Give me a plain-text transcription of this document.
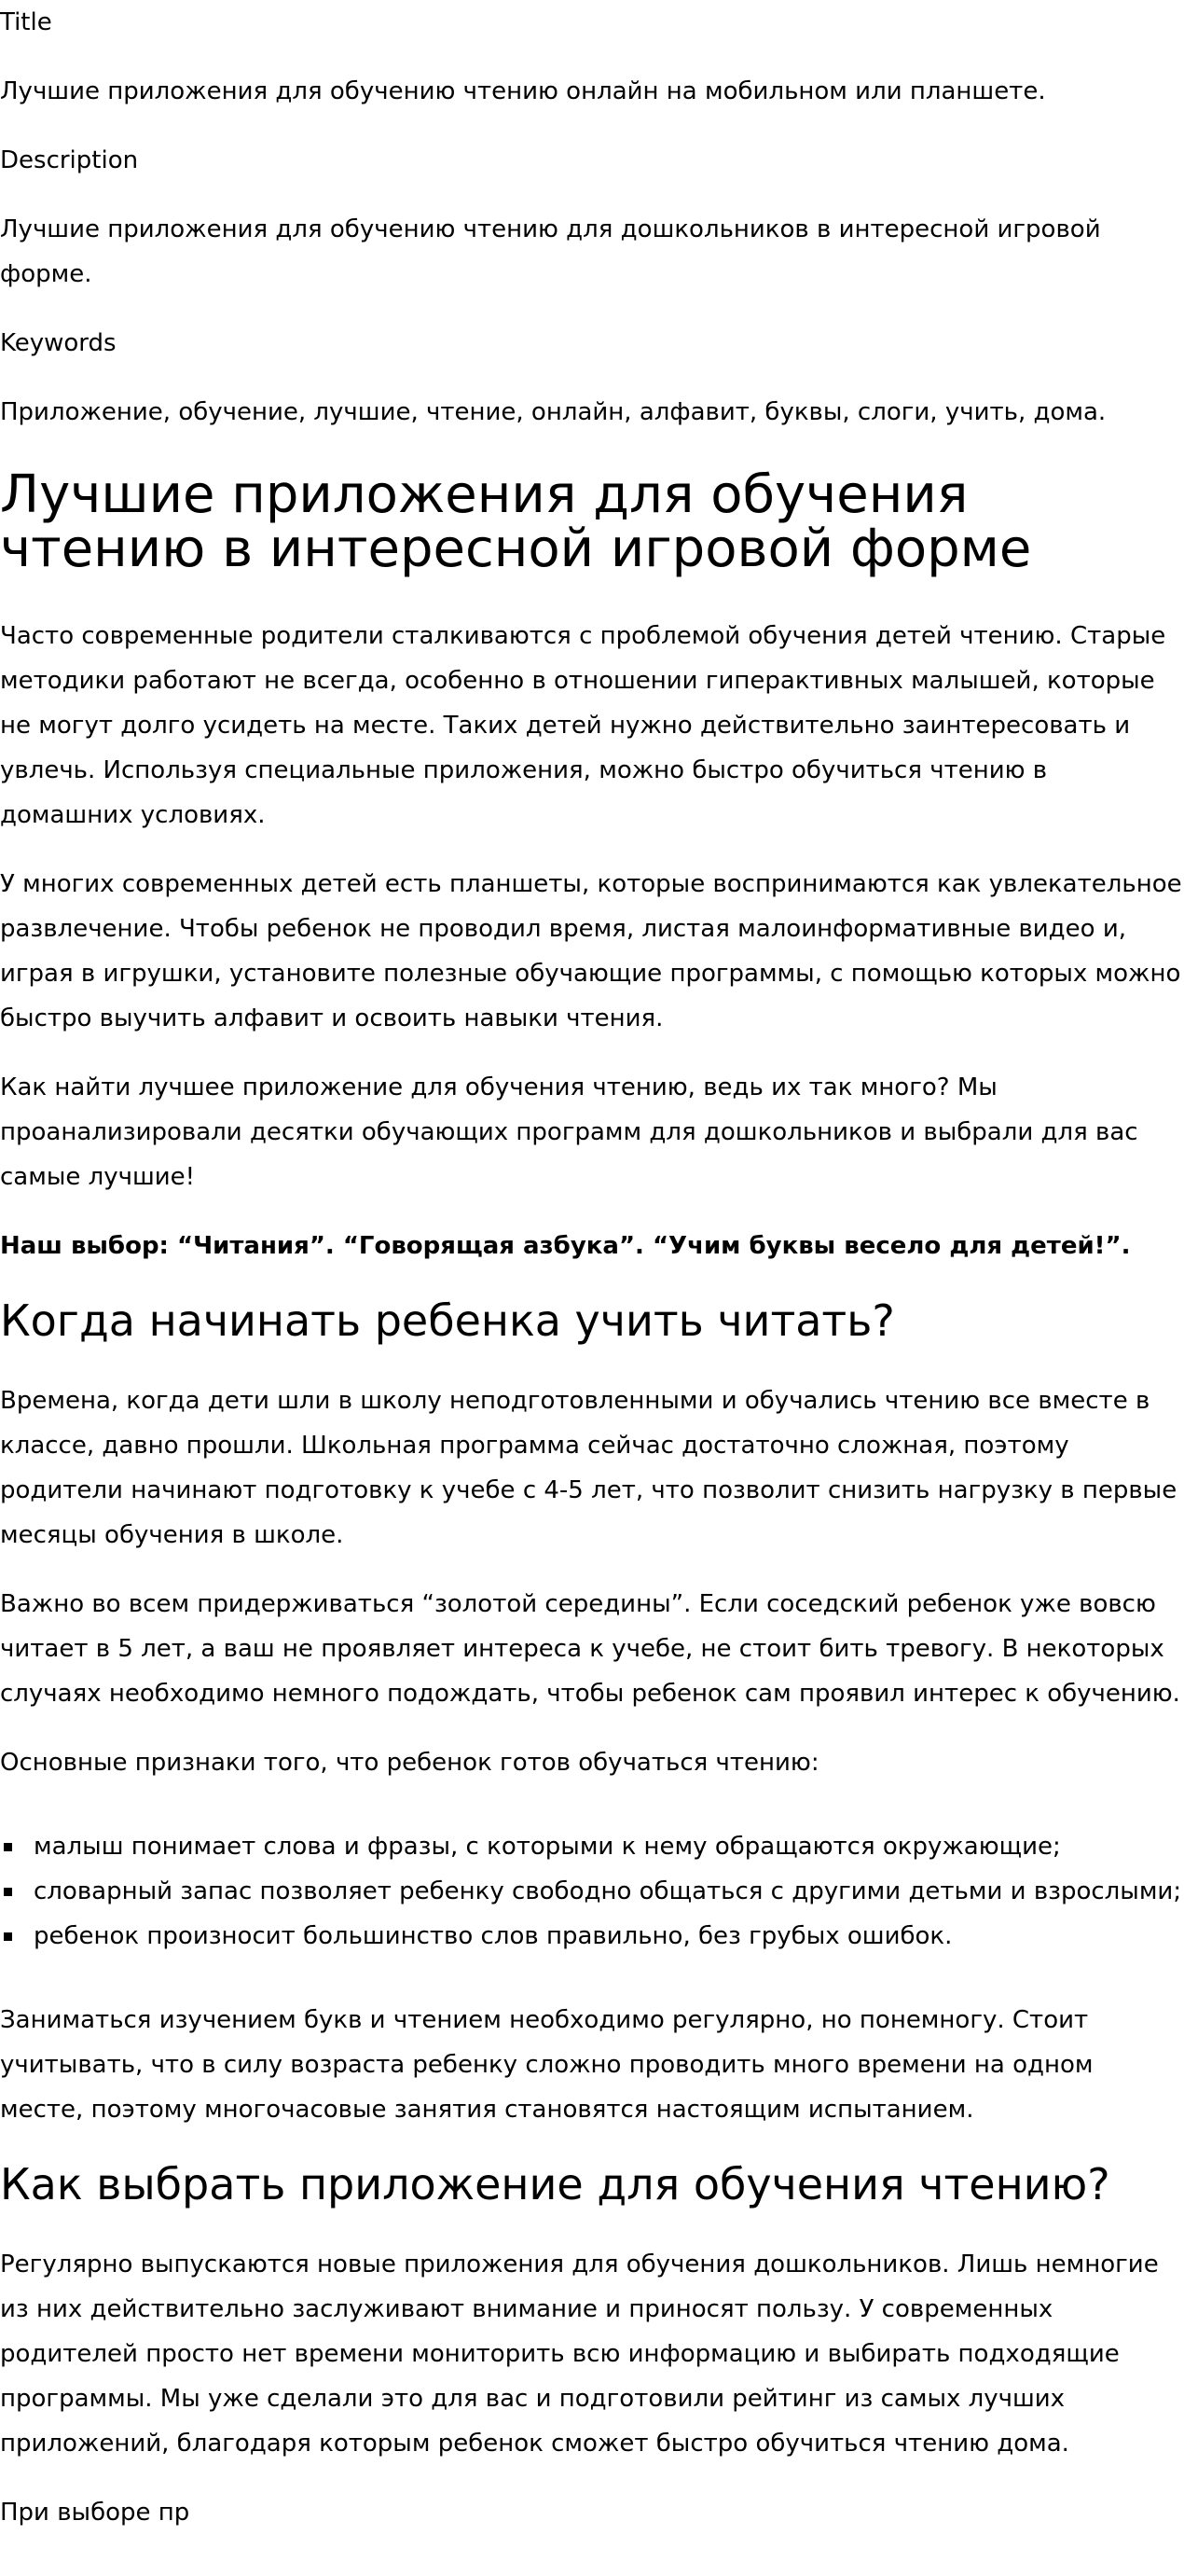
Title

Лучшие приложения для обучению чтению онлайн на мобильном или планшете.

Description

Лучшие приложения для обучению чтению для дошкольников в интересной игровой форме.

Keywords

Приложение, обучение, лучшие, чтение, онлайн, алфавит, буквы, слоги, учить, дома.

Лучшие приложения для обучения чтению в интересной игровой форме

Часто современные родители сталкиваются с проблемой обучения детей чтению. Старые методики работают не всегда, особенно в отношении гиперактивных малышей, которые не могут долго усидеть на месте. Таких детей нужно действительно заинтересовать и увлечь. Используя специальные приложения, можно быстро обучиться чтению в домашних условиях.

У многих современных детей есть планшеты, которые воспринимаются как увлекательное развлечение. Чтобы ребенок не проводил время, листая малоинформативные видео и, играя в игрушки, установите полезные обучающие программы, с помощью которых можно быстро выучить алфавит и освоить навыки чтения.

Как найти лучшее приложение для обучения чтению, ведь их так много? Мы проанализировали десятки обучающих программ для дошкольников и выбрали для вас самые лучшие!

Наш выбор: “Читания”. “Говорящая азбука”. “Учим буквы весело для детей!”.

Когда начинать ребенка учить читать?

Времена, когда дети шли в школу неподготовленными и обучались чтению все вместе в классе, давно прошли. Школьная программа сейчас достаточно сложная, поэтому родители начинают подготовку к учебе с 4-5 лет, что позволит снизить нагрузку в первые месяцы обучения в школе.

Важно во всем придерживаться “золотой середины”. Если соседский ребенок уже вовсю читает в 5 лет, а ваш не проявляет интереса к учебе, не стоит бить тревогу. В некоторых случаях необходимо немного подождать, чтобы ребенок сам проявил интерес к обучению.

Основные признаки того, что ребенок готов обучаться чтению:

малыш понимает слова и фразы, с которыми к нему обращаются окружающие;
словарный запас позволяет ребенку свободно общаться с другими детьми и взрослыми;
ребенок произносит большинство слов правильно, без грубых ошибок.

Заниматься изучением букв и чтением необходимо регулярно, но понемногу. Стоит учитывать, что в силу возраста ребенку сложно проводить много времени на одном месте, поэтому многочасовые занятия становятся настоящим испытанием.

Как выбрать приложение для обучения чтению?

Регулярно выпускаются новые приложения для обучения дошкольников. Лишь немногие из них действительно заслуживают внимание и приносят пользу. У современных родителей просто нет времени мониторить всю информацию и выбирать подходящие программы. Мы уже сделали это для вас и подготовили рейтинг из самых лучших приложений, благодаря которым ребенок сможет быстро обучиться чтению дома.

При выборе пр
